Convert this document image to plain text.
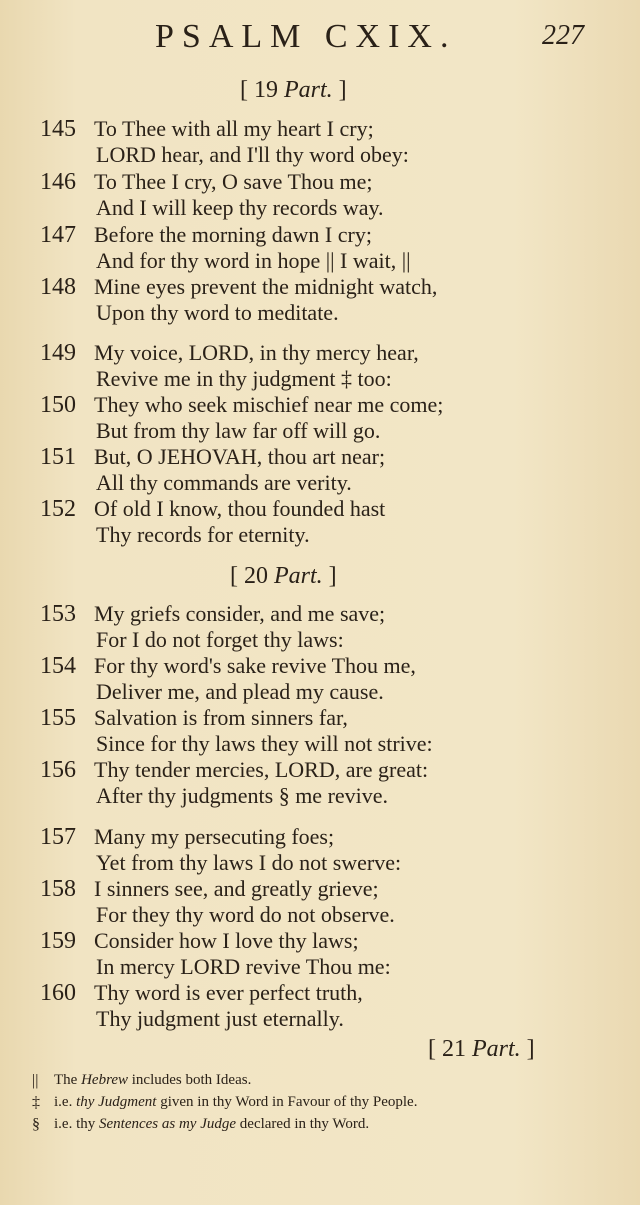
PSALM CXIX.	227
[ 19 Part. ]
145 To Thee with all my heart I cry;
LORD hear, and I'll thy word obey:
146 To Thee I cry, O save Thou me;
And I will keep thy records way.
147 Before the morning dawn I cry;
And for thy word in hope || I wait, ||
148 Mine eyes prevent the midnight watch,
Upon thy word to meditate.
149 My voice, LORD, in thy mercy hear,
Revive me in thy judgment ‡ too:
150 They who seek mischief near me come;
But from thy law far off will go.
151 But, O JEHOVAH, thou art near;
All thy commands are verity.
152 Of old I know, thou founded hast
Thy records for eternity.
[ 20 Part. ]
153 My griefs consider, and me save;
For I do not forget thy laws:
154 For thy word's sake revive Thou me,
Deliver me, and plead my cause.
155 Salvation is from sinners far,
Since for thy laws they will not strive:
156 Thy tender mercies, LORD, are great:
After thy judgments § me revive.
157 Many my persecuting foes;
Yet from thy laws I do not swerve:
158 I sinners see, and greatly grieve;
For they thy word do not observe.
159 Consider how I love thy laws;
In mercy LORD revive Thou me:
160 Thy word is ever perfect truth,
Thy judgment just eternally.
[ 21 Part. ]
||	The Hebrew includes both Ideas.
‡ i.e. thy Judgment given in thy Word in Favour of thy People.
§ i.e. thy Sentences as my Judge declared in thy Word.
